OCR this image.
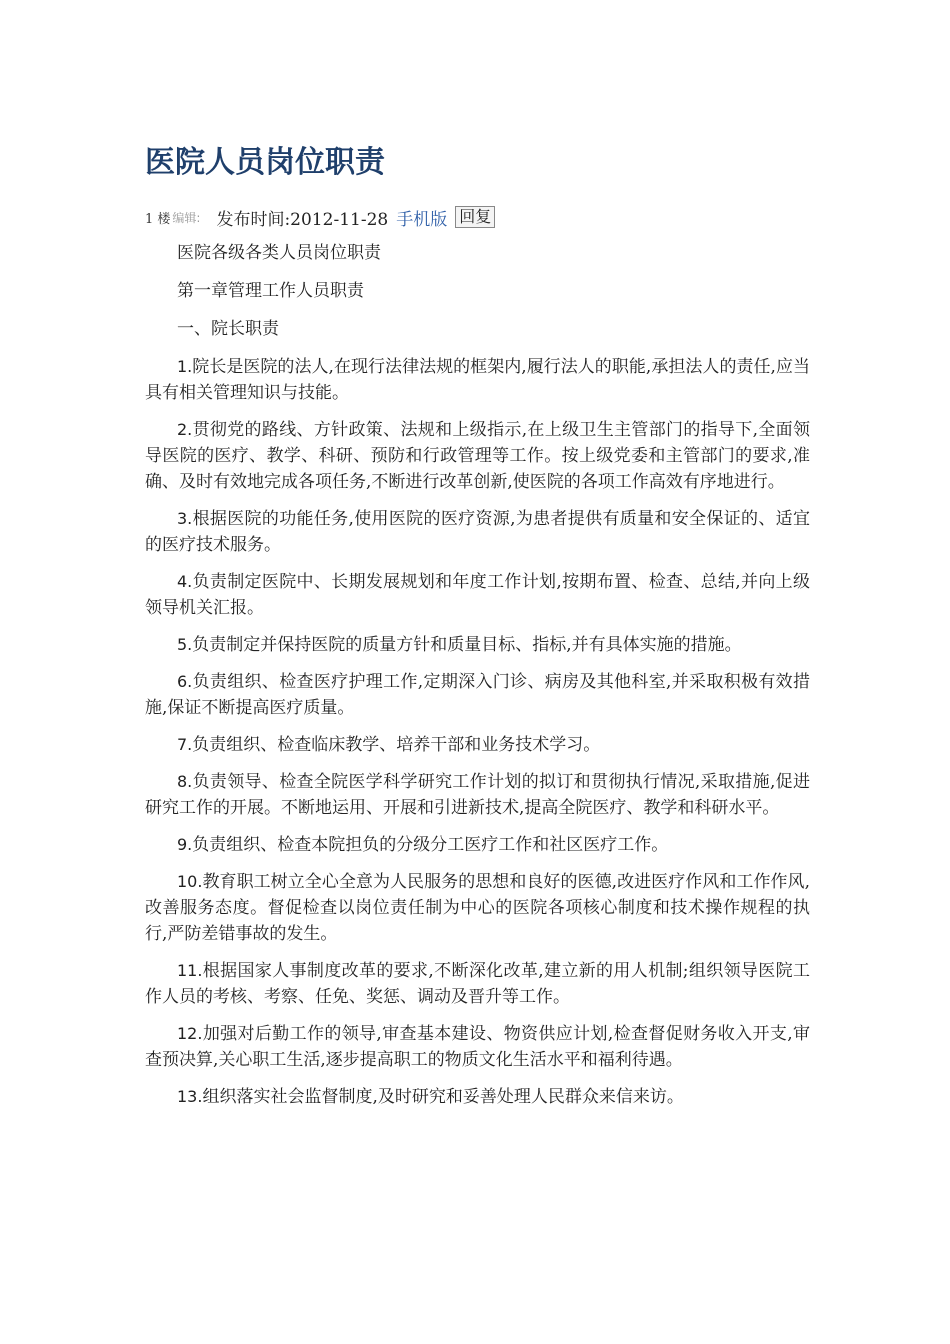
医院人员岗位职责
1 楼 编辑: 发布时间:2012-11-28 手机版 回复

医院各级各类人员岗位职责

第一章管理工作人员职责

一、院长职责

1.院长是医院的法人,在现行法律法规的框架内,履行法人的职能,承担法人的责任,应当具有相关管理知识与技能。

2.贯彻党的路线、方针政策、法规和上级指示,在上级卫生主管部门的指导下,全面领导医院的医疗、教学、科研、预防和行政管理等工作。按上级党委和主管部门的要求,准确、及时有效地完成各项任务,不断进行改革创新,使医院的各项工作高效有序地进行。

3.根据医院的功能任务,使用医院的医疗资源,为患者提供有质量和安全保证的、适宜的医疗技术服务。

4.负责制定医院中、长期发展规划和年度工作计划,按期布置、检查、总结,并向上级领导机关汇报。

5.负责制定并保持医院的质量方针和质量目标、指标,并有具体实施的措施。

6.负责组织、检查医疗护理工作,定期深入门诊、病房及其他科室,并采取积极有效措施,保证不断提高医疗质量。

7.负责组织、检查临床教学、培养干部和业务技术学习。

8.负责领导、检查全院医学科学研究工作计划的拟订和贯彻执行情况,采取措施,促进研究工作的开展。不断地运用、开展和引进新技术,提高全院医疗、教学和科研水平。

9.负责组织、检查本院担负的分级分工医疗工作和社区医疗工作。

10.教育职工树立全心全意为人民服务的思想和良好的医德,改进医疗作风和工作作风,改善服务态度。督促检查以岗位责任制为中心的医院各项核心制度和技术操作规程的执行,严防差错事故的发生。

11.根据国家人事制度改革的要求,不断深化改革,建立新的用人机制;组织领导医院工作人员的考核、考察、任免、奖惩、调动及晋升等工作。

12.加强对后勤工作的领导,审查基本建设、物资供应计划,检查督促财务收入开支,审查预决算,关心职工生活,逐步提高职工的物质文化生活水平和福利待遇。

13.组织落实社会监督制度,及时研究和妥善处理人民群众来信来访。
